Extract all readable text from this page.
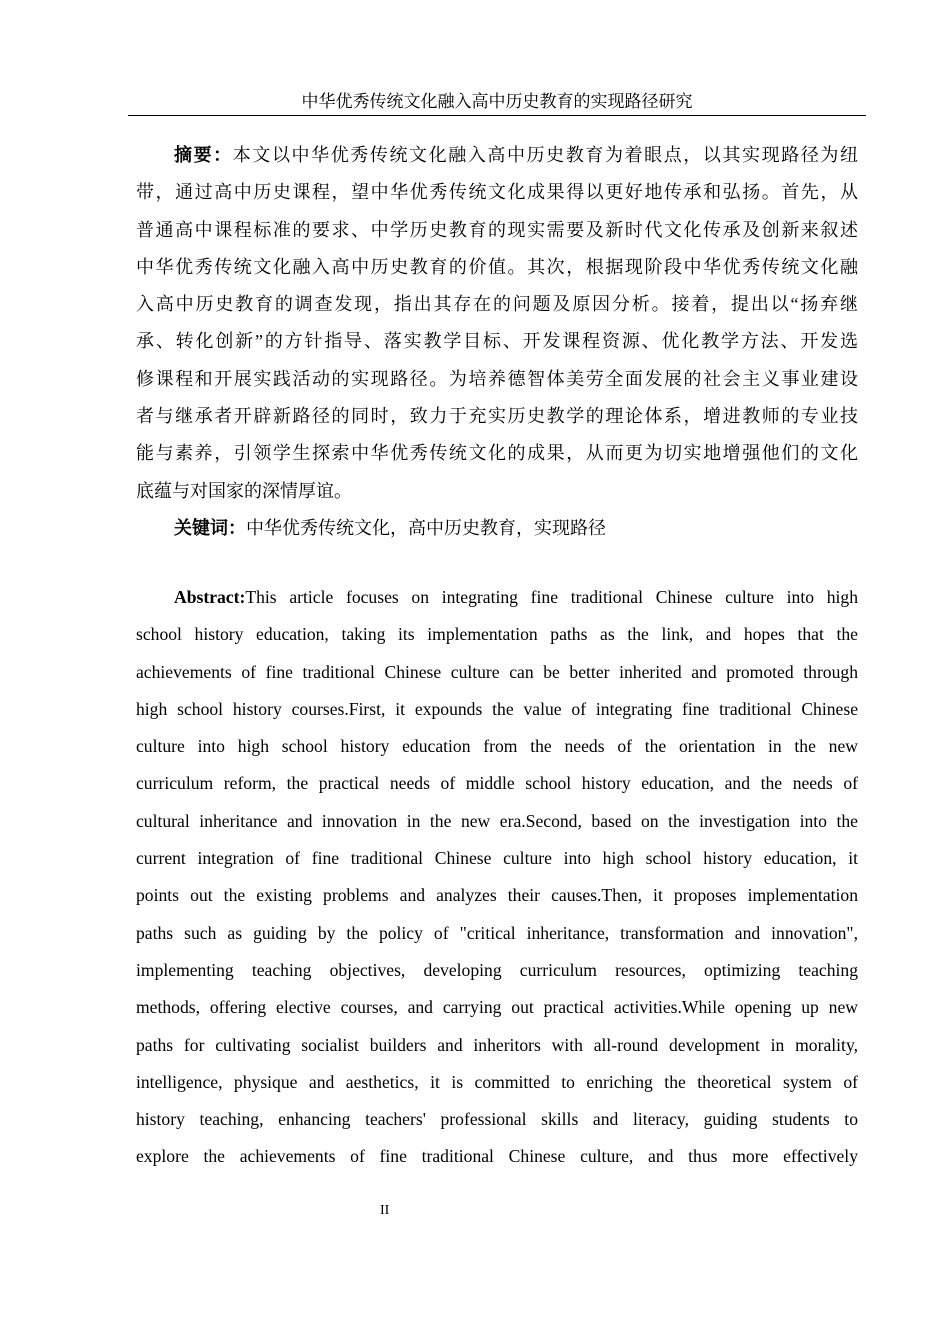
中华优秀传统文化融入高中历史教育的实现路径研究
摘要：本文以中华优秀传统文化融入高中历史教育为着眼点，以其实现路径为纽
带，通过高中历史课程，望中华优秀传统文化成果得以更好地传承和弘扬。首先，从
普通高中课程标准的要求、中学历史教育的现实需要及新时代文化传承及创新来叙述
中华优秀传统文化融入高中历史教育的价值。其次，根据现阶段中华优秀传统文化融
入高中历史教育的调查发现，指出其存在的问题及原因分析。接着，提出以“扬弃继
承、转化创新”的方针指导、落实教学目标、开发课程资源、优化教学方法、开发选
修课程和开展实践活动的实现路径。为培养德智体美劳全面发展的社会主义事业建设
者与继承者开辟新路径的同时，致力于充实历史教学的理论体系，增进教师的专业技
能与素养，引领学生探索中华优秀传统文化的成果，从而更为切实地增强他们的文化
底蕴与对国家的深情厚谊。
关键词：中华优秀传统文化，高中历史教育，实现路径
Abstract:This article focuses on integrating fine traditional Chinese culture into high
school history education, taking its implementation paths as the link, and hopes that the
achievements of fine traditional Chinese culture can be better inherited and promoted through
high school history courses.First, it expounds the value of integrating fine traditional Chinese
culture into high school history education from the needs of the orientation in the new
curriculum reform, the practical needs of middle school history education, and the needs of
cultural inheritance and innovation in the new era.Second, based on the investigation into the
current integration of fine traditional Chinese culture into high school history education, it
points out the existing problems and analyzes their causes.Then, it proposes implementation
paths such as guiding by the policy of "critical inheritance, transformation and innovation",
implementing teaching objectives, developing curriculum resources, optimizing teaching
methods, offering elective courses, and carrying out practical activities.While opening up new
paths for cultivating socialist builders and inheritors with all-round development in morality,
intelligence, physique and aesthetics, it is committed to enriching the theoretical system of
history teaching, enhancing teachers' professional skills and literacy, guiding students to
explore the achievements of fine traditional Chinese culture, and thus more effectively
II
